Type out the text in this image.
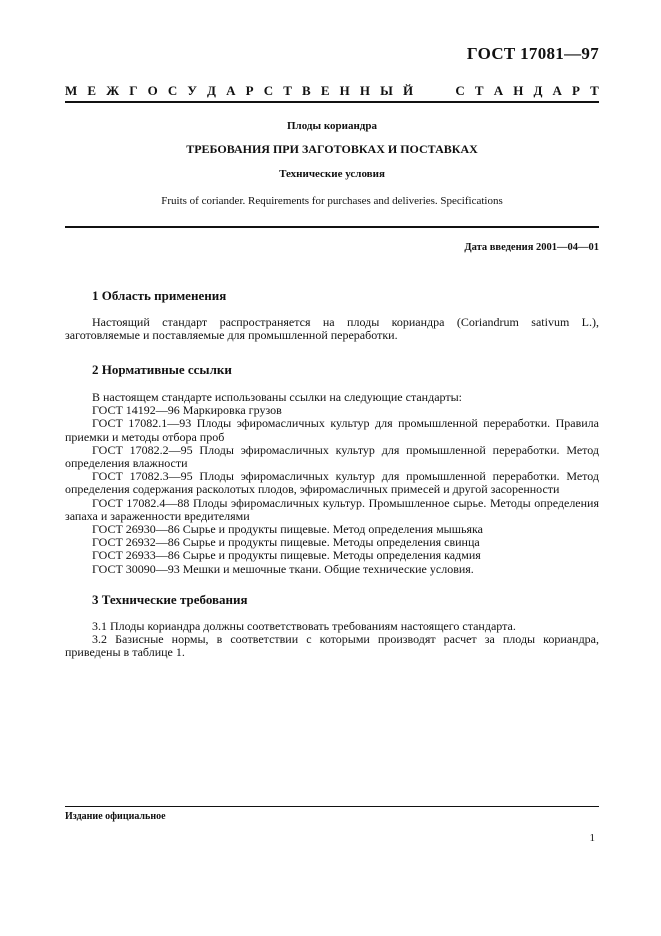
ГОСТ 17081—97
М Е Ж Г О С У Д А Р С Т В Е Н Н Ы Й	С Т А Н Д А Р Т
Плоды кориандра
ТРЕБОВАНИЯ ПРИ ЗАГОТОВКАХ И ПОСТАВКАХ
Технические условия
Fruits of coriander. Requirements for purchases and deliveries. Specifications
Дата введения 2001—04—01
1 Область применения

Настоящий стандарт распространяется на плоды кориандра (Coriandrum sativum L.), заготовляемые и поставляемые для промышленной переработки.

2 Нормативные ссылки

В настоящем стандарте использованы ссылки на следующие стандарты:

ГОСТ 14192—96 Маркировка грузов

ГОСТ 17082.1—93 Плоды эфиромасличных культур для промышленной переработки. Правила приемки и методы отбора проб

ГОСТ 17082.2—95 Плоды эфиромасличных культур для промышленной переработки. Метод определения влажности

ГОСТ 17082.3—95 Плоды эфиромасличных культур для промышленной переработки. Метод определения содержания расколотых плодов, эфиромасличных примесей и другой засоренности

ГОСТ 17082.4—88 Плоды эфиромасличных культур. Промышленное сырье. Методы определения запаха и зараженности вредителями

ГОСТ 26930—86 Сырье и продукты пищевые. Метод определения мышьяка

ГОСТ 26932—86 Сырье и продукты пищевые. Методы определения свинца

ГОСТ 26933—86 Сырье и продукты пищевые. Методы определения кадмия

ГОСТ 30090—93 Мешки и мешочные ткани. Общие технические условия.

3 Технические требования

3.1 Плоды кориандра должны соответствовать требованиям настоящего стандарта.

3.2 Базисные нормы, в соответствии с которыми производят расчет за плоды кориандра, приведены в таблице 1.

Издание официальное
1
